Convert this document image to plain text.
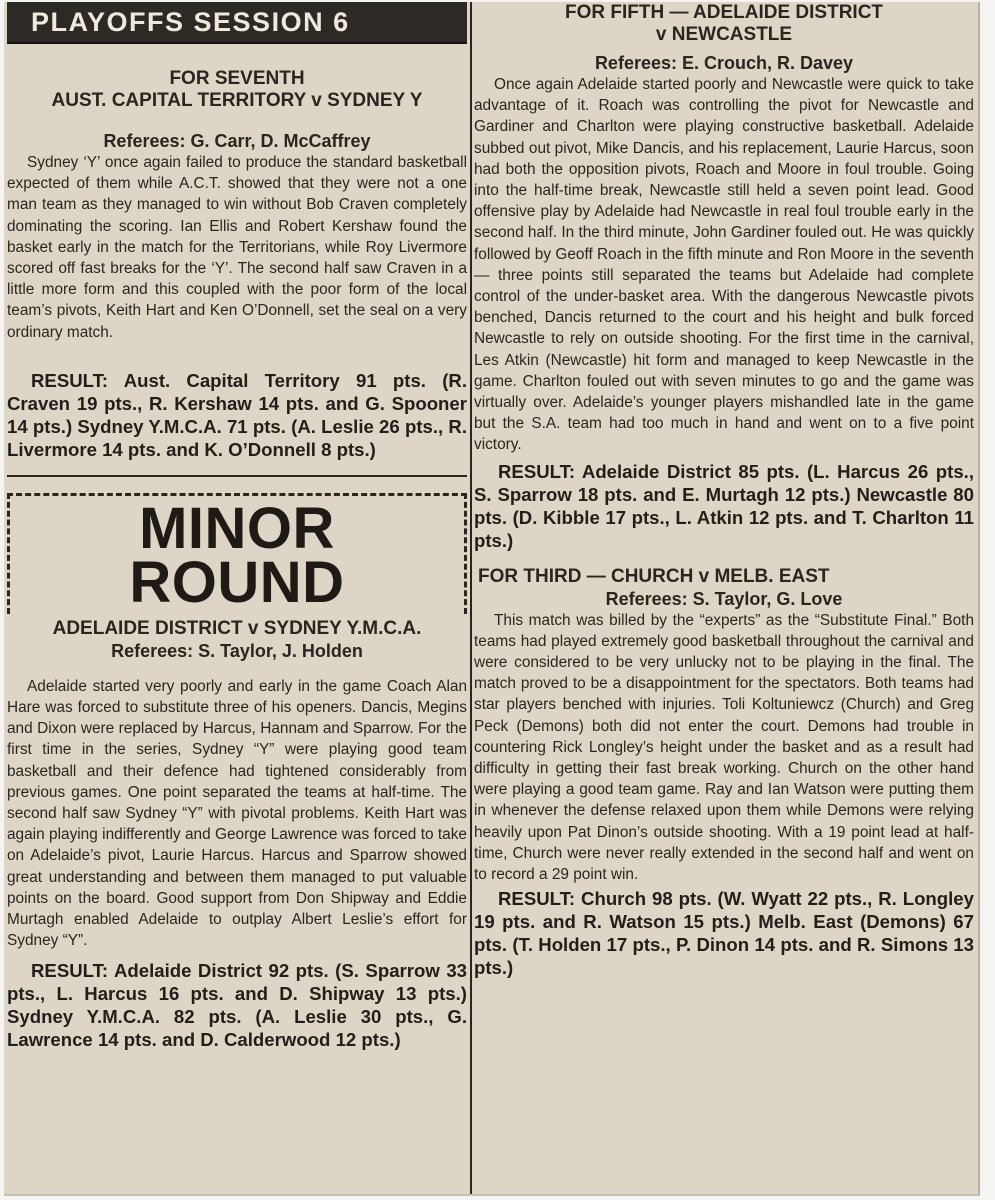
PLAYOFFS SESSION 6

FOR SEVENTH

AUST. CAPITAL TERRITORY v SYDNEY Y

Referees: G. Carr, D. McCaffrey

Sydney ‘Y’ once again failed to produce the standard basketball expected of them while A.C.T. showed that they were not a one man team as they managed to win without Bob Craven completely dominating the scoring. Ian Ellis and Robert Kershaw found the basket early in the match for the Territorians, while Roy Livermore scored off fast breaks for the ‘Y’. The second half saw Craven in a little more form and this coupled with the poor form of the local team’s pivots, Keith Hart and Ken O’Donnell, set the seal on a very ordinary match.

RESULT: Aust. Capital Territory 91 pts. (R. Craven 19 pts., R. Kershaw 14 pts. and G. Spooner 14 pts.) Sydney Y.M.C.A. 71 pts. (A. Leslie 26 pts., R. Livermore 14 pts. and K. O’Donnell 8 pts.)

MINOR
ROUND

ADELAIDE DISTRICT v SYDNEY Y.M.C.A.

Referees: S. Taylor, J. Holden

Adelaide started very poorly and early in the game Coach Alan Hare was forced to substitute three of his openers. Dancis, Megins and Dixon were replaced by Harcus, Hannam and Sparrow. For the first time in the series, Sydney “Y” were playing good team basketball and their defence had tightened considerably from previous games. One point separated the teams at half-time. The second half saw Sydney “Y” with pivotal problems. Keith Hart was again playing indifferently and George Lawrence was forced to take on Adelaide’s pivot, Laurie Harcus. Harcus and Sparrow showed great understanding and between them managed to put valuable points on the board. Good support from Don Shipway and Eddie Murtagh enabled Adelaide to outplay Albert Leslie’s effort for Sydney “Y”.

RESULT: Adelaide District 92 pts. (S. Sparrow 33 pts., L. Harcus 16 pts. and D. Shipway 13 pts.) Sydney Y.M.C.A. 82 pts. (A. Leslie 30 pts., G. Lawrence 14 pts. and D. Calderwood 12 pts.)

FOR FIFTH — ADELAIDE DISTRICT

v NEWCASTLE

Referees: E. Crouch, R. Davey

Once again Adelaide started poorly and Newcastle were quick to take advantage of it. Roach was controlling the pivot for Newcastle and Gardiner and Charlton were playing constructive basketball. Adelaide subbed out pivot, Mike Dancis, and his replacement, Laurie Harcus, soon had both the opposition pivots, Roach and Moore in foul trouble. Going into the half-time break, Newcastle still held a seven point lead. Good offensive play by Adelaide had Newcastle in real foul trouble early in the second half. In the third minute, John Gardiner fouled out. He was quickly followed by Geoff Roach in the fifth minute and Ron Moore in the seventh — three points still separated the teams but Adelaide had complete control of the under-basket area. With the dangerous Newcastle pivots benched, Dancis returned to the court and his height and bulk forced Newcastle to rely on outside shooting. For the first time in the carnival, Les Atkin (Newcastle) hit form and managed to keep Newcastle in the game. Charlton fouled out with seven minutes to go and the game was virtually over. Adelaide’s younger players mishandled late in the game but the S.A. team had too much in hand and went on to a five point victory.

RESULT: Adelaide District 85 pts. (L. Harcus 26 pts., S. Sparrow 18 pts. and E. Murtagh 12 pts.) Newcastle 80 pts. (D. Kibble 17 pts., L. Atkin 12 pts. and T. Charlton 11 pts.)

FOR THIRD — CHURCH v MELB. EAST

Referees: S. Taylor, G. Love

This match was billed by the “experts” as the “Substitute Final.” Both teams had played extremely good basketball throughout the carnival and were considered to be very unlucky not to be playing in the final. The match proved to be a disappointment for the spectators. Both teams had star players benched with injuries. Toli Koltuniewcz (Church) and Greg Peck (Demons) both did not enter the court. Demons had trouble in countering Rick Longley’s height under the basket and as a result had difficulty in getting their fast break working. Church on the other hand were playing a good team game. Ray and Ian Watson were putting them in whenever the defense relaxed upon them while Demons were relying heavily upon Pat Dinon’s outside shooting. With a 19 point lead at half-time, Church were never really extended in the second half and went on to record a 29 point win.

RESULT: Church 98 pts. (W. Wyatt 22 pts., R. Longley 19 pts. and R. Watson 15 pts.) Melb. East (Demons) 67 pts. (T. Holden 17 pts., P. Dinon 14 pts. and R. Simons 13 pts.)
